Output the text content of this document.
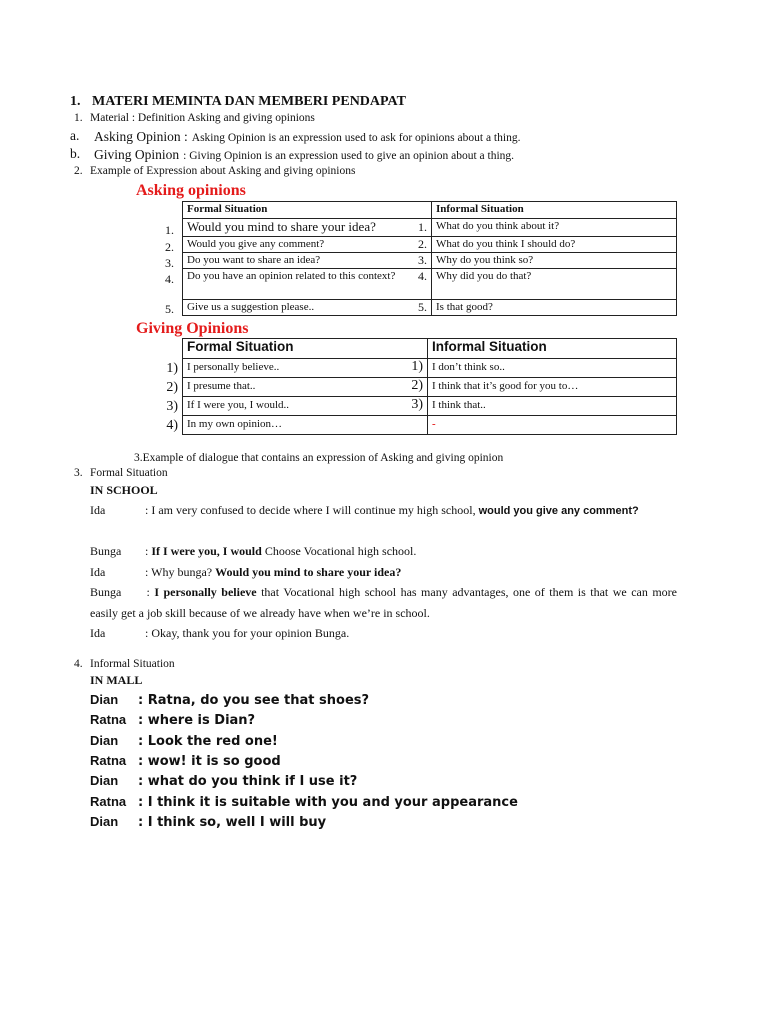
1. MATERI MEMINTA DAN MEMBERI PENDAPAT
1. Material : Definition Asking and giving opinions
a. Asking Opinion : Asking Opinion is an expression used to ask for opinions about a thing.
b. Giving Opinion : Giving Opinion is an expression used to give an opinion about a thing.
2. Example of Expression about Asking and giving opinions
Asking opinions
1.
2.
3.
4.
5.
Formal Situation	Informal Situation
Would you mind to share your idea? 1.	What do you think about it?
Would you give any comment? 2.	What do you think I should do?
Do you want to share an idea? 3.	Why do you think so?

Do you have an opinion related to this context? 4.	Why did you do that?
Give us a suggestion please.. 5.	Is that good?
Giving Opinions
1)
2)
3)
4)
Formal Situation	Informal Situation
I personally believe.. 1)	I don’t think so..
I presume that.. 2)	I think that it’s good for you to…
If I were you, I would.. 3)	I think that..
In my own opinion…	-
3.Example of dialogue that contains an expression of Asking and giving opinion
3. Formal Situation
IN SCHOOL
Ida	: I am very confused to decide where I will continue my high school, would you give any comment?
Bunga : If I were you, I would Choose Vocational high school.
Ida	: Why bunga? Would you mind to share your idea?
Bunga : I personally believe that Vocational high school has many advantages, one of them is that we can more easily get a job skill because of we already have when we’re in school.
Ida	: Okay, thank you for your opinion Bunga.
4. Informal Situation
IN MALL
Dian : Ratna, do you see that shoes?
Ratna : where is Dian?
Dian : Look the red one!
Ratna : wow! it is so good
Dian : what do you think if I use it?
Ratna : I think it is suitable with you and your appearance
Dian : I think so, well I will buy
